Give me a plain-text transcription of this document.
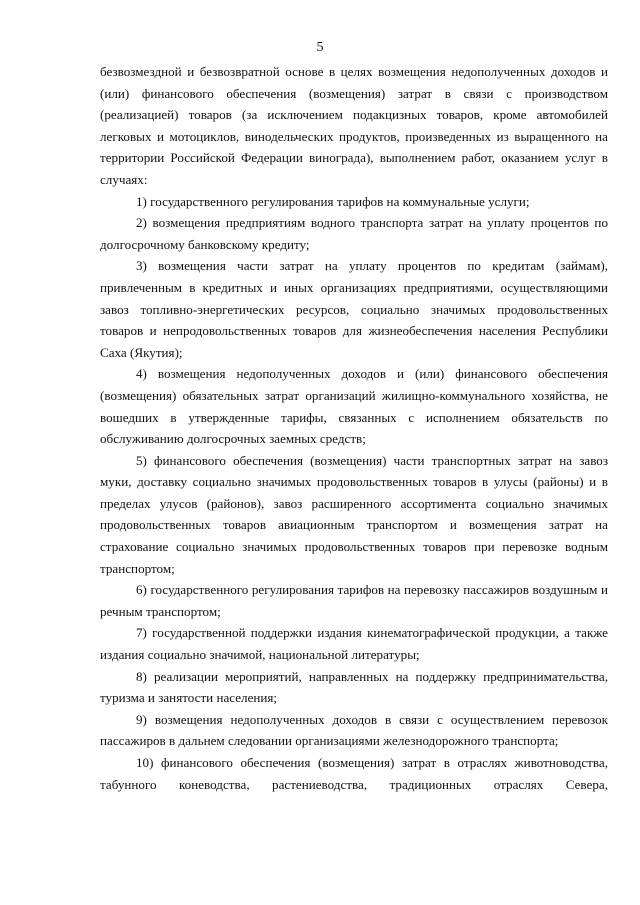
5

безвозмездной и безвозвратной основе в целях возмещения недополученных доходов и (или) финансового обеспечения (возмещения) затрат в связи с производством (реализацией) товаров (за исключением подакцизных товаров, кроме автомобилей легковых и мотоциклов, винодельческих продуктов, произведенных из выращенного на территории Российской Федерации винограда), выполнением работ, оказанием услуг в случаях:

1) государственного регулирования тарифов на коммунальные услуги;

2) возмещения предприятиям водного транспорта затрат на уплату процентов по долгосрочному банковскому кредиту;

3) возмещения части затрат на уплату процентов по кредитам (займам), привлеченным в кредитных и иных организациях предприятиями, осуществляющими завоз топливно-энергетических ресурсов, социально значимых продовольственных товаров и непродовольственных товаров для жизнеобеспечения населения Республики Саха (Якутия);

4) возмещения недополученных доходов и (или) финансового обеспечения (возмещения) обязательных затрат организаций жилищно-коммунального хозяйства, не вошедших в утвержденные тарифы, связанных с исполнением обязательств по обслуживанию долгосрочных заемных средств;

5) финансового обеспечения (возмещения) части транспортных затрат на завоз муки, доставку социально значимых продовольственных товаров в улусы (районы) и в пределах улусов (районов), завоз расширенного ассортимента социально значимых продовольственных товаров авиационным транспортом и возмещения затрат на страхование социально значимых продовольственных товаров при перевозке водным транспортом;

6) государственного регулирования тарифов на перевозку пассажиров воздушным и речным транспортом;

7) государственной поддержки издания кинематографической продукции, а также издания социально значимой, национальной литературы;

8) реализации мероприятий, направленных на поддержку предпринимательства, туризма и занятости населения;

9) возмещения недополученных доходов в связи с осуществлением перевозок пассажиров в дальнем следовании организациями железнодорожного транспорта;

10) финансового обеспечения (возмещения) затрат в отраслях животноводства, табунного коневодства, растениеводства, традиционных отраслях Севера,
